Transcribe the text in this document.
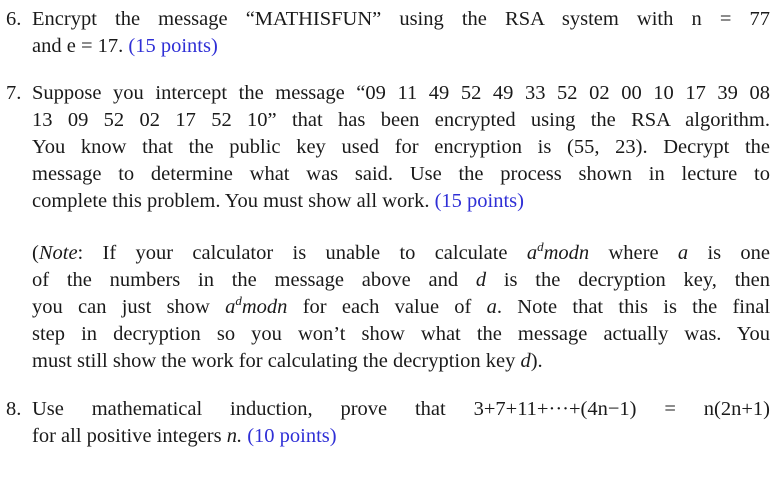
6. Encrypt the message “MATHISFUN” using the RSA system with n = 77
and e = 17. (15 points)
7. Suppose you intercept the message “09 11 49 52 49 33 52 02 00 10 17 39 08
13 09 52 02 17 52 10” that has been encrypted using the RSA algorithm.
You know that the public key used for encryption is (55, 23). Decrypt the
message to determine what was said. Use the process shown in lecture to
complete this problem. You must show all work. (15 points)
(Note: If your calculator is unable to calculate $a^dmodn$ where a is one
of the numbers in the message above and d is the decryption key, then
you can just show $a^dmodn$ for each value of a. Note that this is the final
step in decryption so you won’t show what the message actually was. You
must still show the work for calculating the decryption key d).
8. Use mathematical induction, prove that 3+7+11+···+(4n−1) = n(2n+1)
for all positive integers n. (10 points)
